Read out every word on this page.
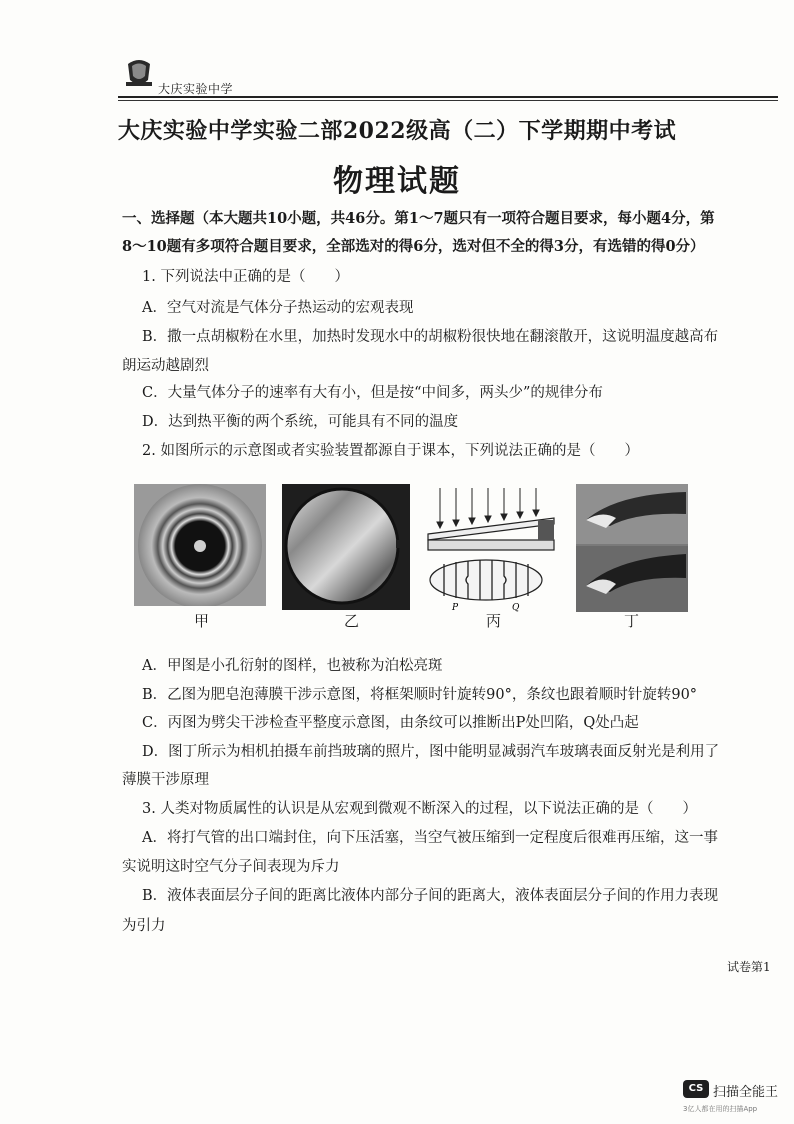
大庆实验中学
大庆实验中学实验二部2022级高（二）下学期期中考试
物理试题
一、选择题（本大题共10小题，共46分。第1～7题只有一项符合题目要求，每小题4分，第
8～10题有多项符合题目要求，全部选对的得6分，选对但不全的得3分，有选错的得0分）
1. 下列说法中正确的是（　　）
A．空气对流是气体分子热运动的宏观表现
B．撒一点胡椒粉在水里，加热时发现水中的胡椒粉很快地在翻滚散开，这说明温度越高布
朗运动越剧烈
C．大量气体分子的速率有大有小，但是按“中间多，两头少”的规律分布
D．达到热平衡的两个系统，可能具有不同的温度
2. 如图所示的示意图或者实验装置都源自于课本，下列说法正确的是（　　）
甲	乙
P	Q
丙	丁
A．甲图是小孔衍射的图样，也被称为泊松亮斑
B．乙图为肥皂泡薄膜干涉示意图，将框架顺时针旋转90°，条纹也跟着顺时针旋转90°
C．丙图为劈尖干涉检查平整度示意图，由条纹可以推断出P处凹陷，Q处凸起
D．图丁所示为相机拍摄车前挡玻璃的照片，图中能明显减弱汽车玻璃表面反射光是利用了
薄膜干涉原理
3. 人类对物质属性的认识是从宏观到微观不断深入的过程，以下说法正确的是（　　）
A．将打气管的出口端封住，向下压活塞，当空气被压缩到一定程度后很难再压缩，这一事
实说明这时空气分子间表现为斥力
B．液体表面层分子间的距离比液体内部分子间的距离大，液体表面层分子间的作用力表现
为引力
试卷第1
CS 扫描全能王
3亿人都在用的扫描App
